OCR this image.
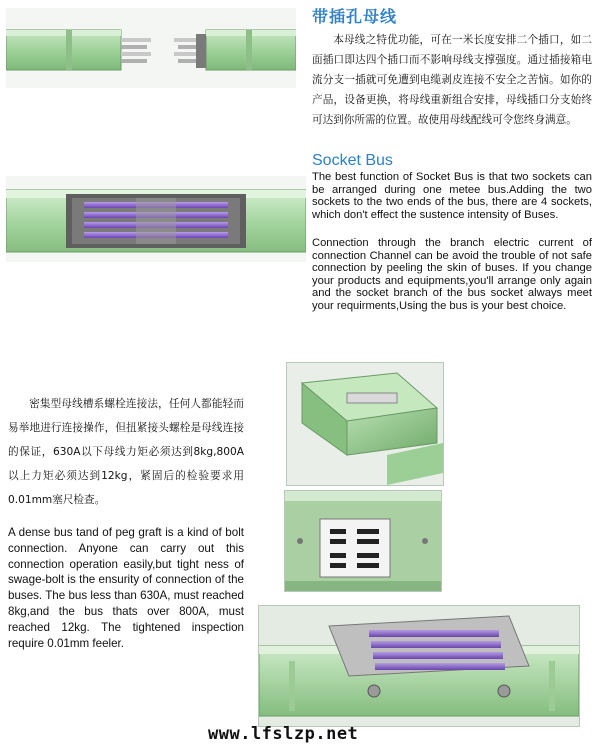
带插孔母线
本母线之特优功能，可在一米长度安排二个插口，如二面插口即达四个插口而不影响母线支撑强度。通过插接箱电流分支一插就可免遭到电缆剥皮连接不安全之苦恼。如你的产品，设备更换，将母线重新组合安排，母线插口分支始终可达到你所需的位置。故使用母线配线可令您终身满意。
Socket Bus
The best function of Socket Bus is that two sockets can be arranged during one metee bus.Adding the two sockets to the two ends of the bus, there are 4 sockets, which don't effect the sustence intensity of Buses.
Connection through the branch electric current of connection Channel can be avoid the trouble of not safe connection by peeling the skin of buses. If you change your products and equipments,you'll arrange only again and the socket branch of the bus socket always meet your requirments,Using the bus is your best choice.
密集型母线槽系螺栓连接法，任何人都能轻而易举地进行连接操作，但扭紧接头螺栓是母线连接的保证，630A以下母线力矩必须达到8kg,800A以上力矩必须达到12kg，紧固后的检验要求用0.01mm塞尺检查。
A dense bus tand of peg graft is a kind of bolt connection. Anyone can carry out this connection operation easily,but tight ness of swage-bolt is the ensurity of connection of the buses. The bus less than 630A, must reached 8kg,and the bus thats over 800A, must reached 12kg. The tightened inspection require 0.01mm feeler.
www.lfslzp.net
